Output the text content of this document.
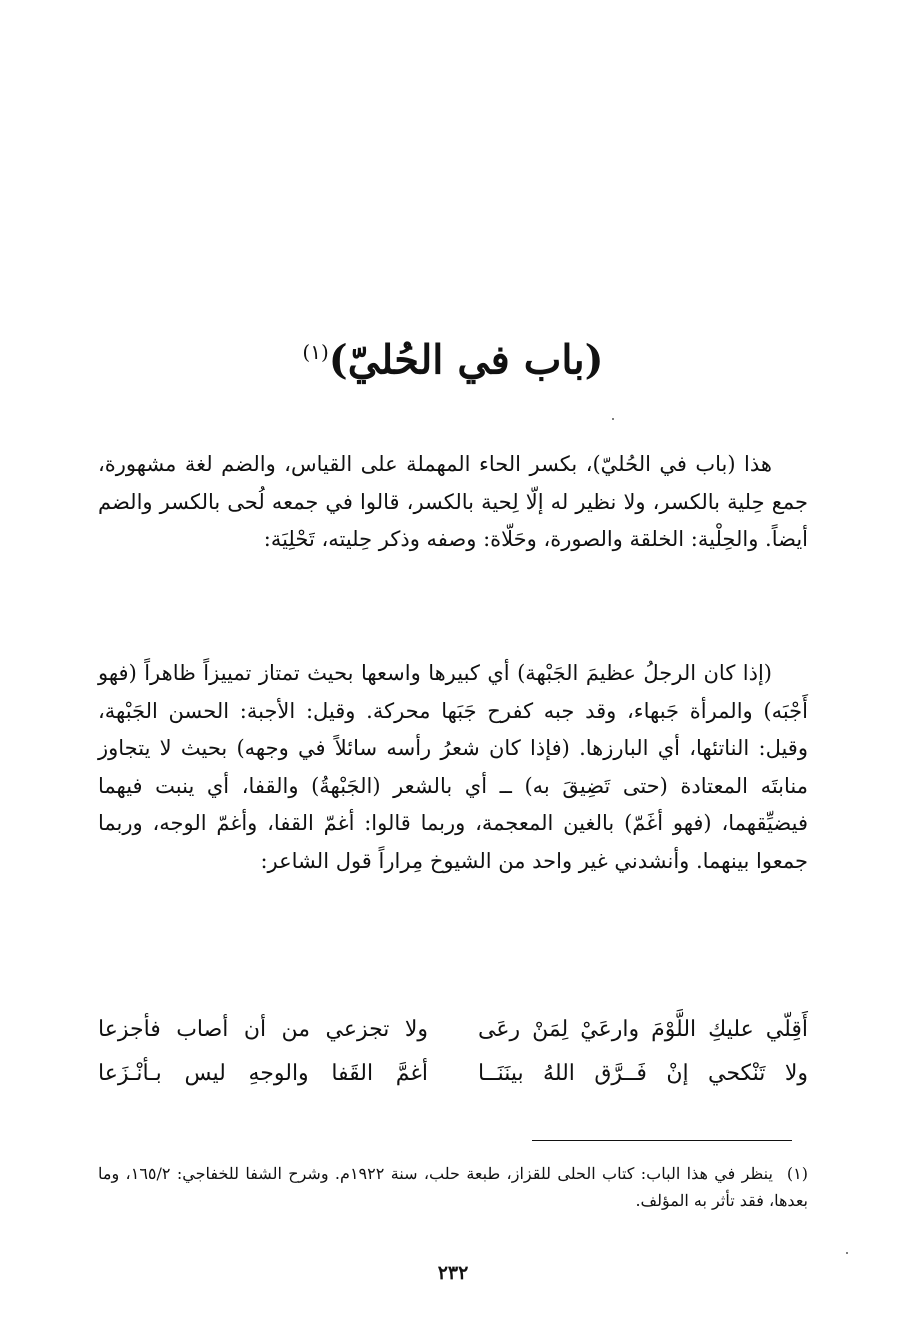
(باب في الحُليّ)$^{(١)}$
هذا (باب في الحُليّ)، بكسر الحاء المهملة على القياس، والضم لغة مشهورة، جمع حِلية بالكسر، ولا نظير له إلّا لِحية بالكسر، قالوا في جمعه لُحى بالكسر والضم أيضاً. والحِلْية: الخلقة والصورة، وحَلّاة: وصفه وذكر حِليته، تَحْلِيَة:
(إذا كان الرجلُ عظيمَ الجَبْهة) أي كبيرها واسعها بحيث تمتاز تمييزاً ظاهراً (فهو أَجْبَه) والمرأة جَبهاء، وقد جبه كفرح جَبَها محركة. وقيل: الأجبة: الحسن الجَبْهة، وقيل: الناتئها، أي البارزها. (فإذا كان شعرُ رأسه سائلاً في وجهه) بحيث لا يتجاوز منابتَه المعتادة (حتى تَضِيقَ به) ــ أي بالشعر (الجَبْهةُ) والقفا، أي ينبت فيهما فيضيِّقهما، (فهو أغَمّ) بالغين المعجمة، وربما قالوا: أغمّ القفا، وأغمّ الوجه، وربما جمعوا بينهما. وأنشدني غير واحد من الشيوخ مِراراً قول الشاعر:
أَقِلّي عليكِ اللَّوْمَ وارعَيْ لِمَنْ رعَى
ولا تجزعي من أن أصاب فأجزعا
ولا تَنْكحي إنْ فَــرَّق اللهُ بينَنَــا
أغمَّ القَفا والوجهِ ليس بـأنْـزَعا
(١)ينظر في هذا الباب: كتاب الحلى للقزاز، طبعة حلب، سنة ١٩٢٢م. وشرح الشفا للخفاجي: ١٦٥/٢، وما بعدها، فقد تأثر به المؤلف.
٢٣٢
